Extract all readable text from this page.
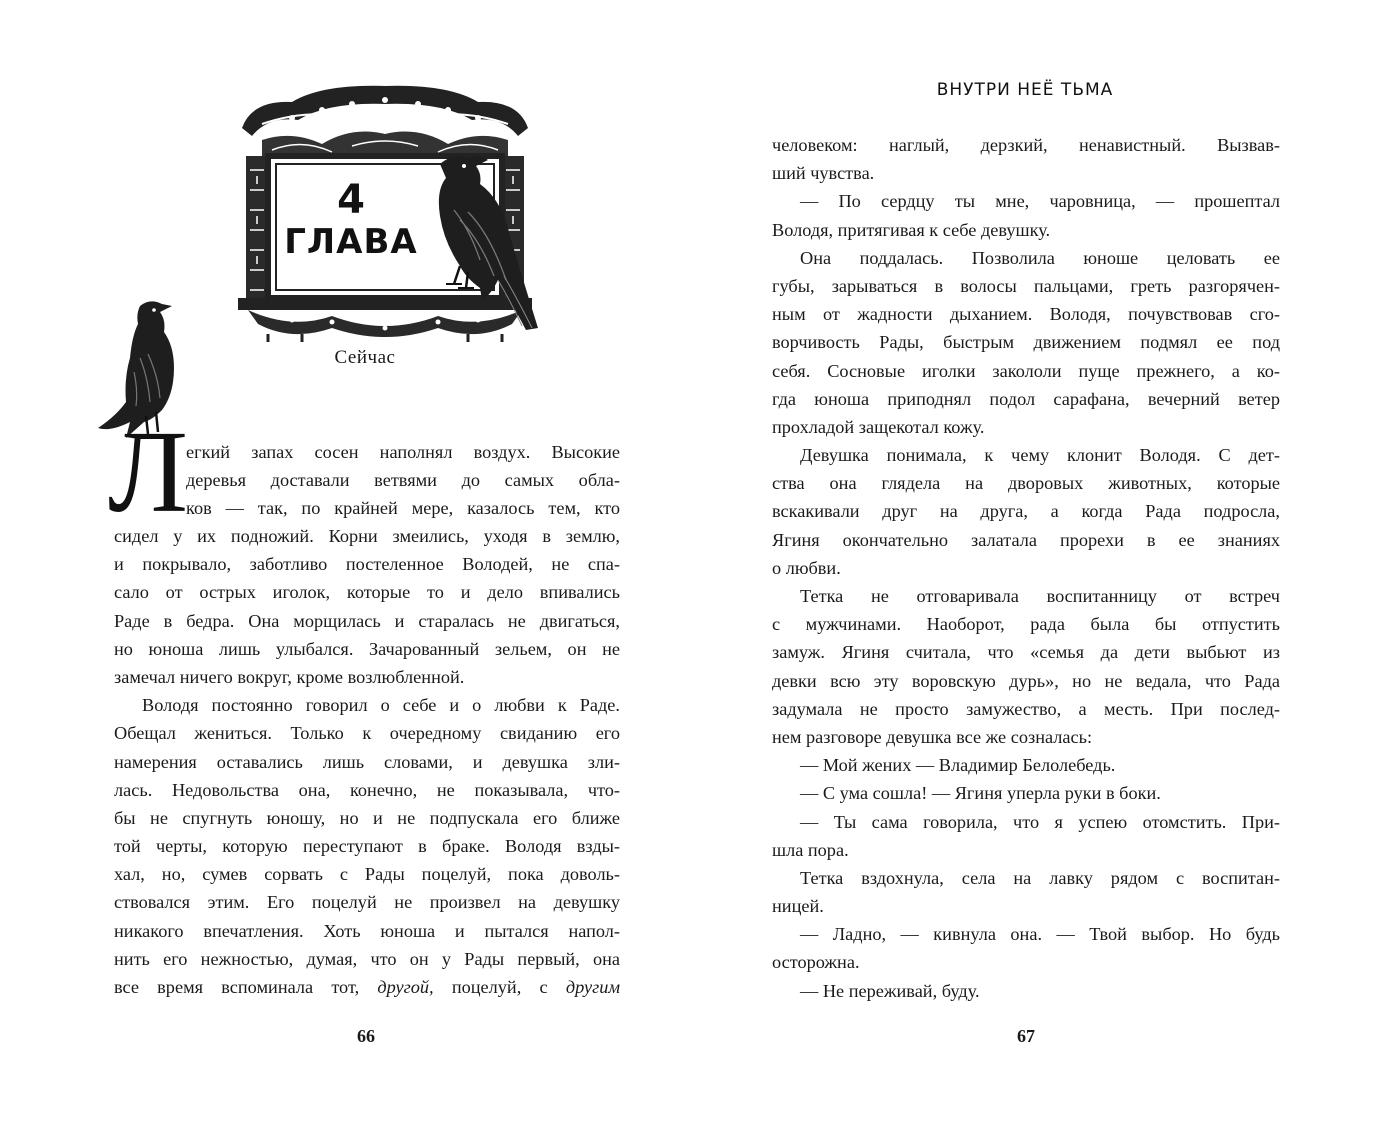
4
ГЛАВА
Сейчас
Л
егкий запах сосен наполнял воздух. Высокие
деревья доставали ветвями до самых обла-
ков — так, по крайней мере, казалось тем, кто
сидел у их подножий. Корни змеились, уходя в землю,
и покрывало, заботливо постеленное Володей, не спа-
сало от острых иголок, которые то и дело впивались
Раде в бедра. Она морщилась и старалась не двигаться,
но юноша лишь улыбался. Зачарованный зельем, он не
замечал ничего вокруг, кроме возлюбленной.
Володя постоянно говорил о себе и о любви к Раде.
Обещал жениться. Только к очередному свиданию его
намерения оставались лишь словами, и девушка зли-
лась. Недовольства она, конечно, не показывала, что-
бы не спугнуть юношу, но и не подпускала его ближе
той черты, которую переступают в браке. Володя взды-
хал, но, сумев сорвать с Рады поцелуй, пока доволь-
ствовался этим. Его поцелуй не произвел на девушку
никакого впечатления. Хоть юноша и пытался напол-
нить его нежностью, думая, что он у Рады первый, она
все время вспоминала тот, другой, поцелуй, с другим
66
ВНУТРИ НЕЁ ТЬМА
человеком: наглый, дерзкий, ненавистный. Вызвав-
ший чувства.
— По сердцу ты мне, чаровница, — прошептал
Володя, притягивая к себе девушку.
Она поддалась. Позволила юноше целовать ее
губы, зарываться в волосы пальцами, греть разгорячен-
ным от жадности дыханием. Володя, почувствовав сго-
ворчивость Рады, быстрым движением подмял ее под
себя. Сосновые иголки закололи пуще прежнего, а ко-
гда юноша приподнял подол сарафана, вечерний ветер
прохладой защекотал кожу.
Девушка понимала, к чему клонит Володя. С дет-
ства она глядела на дворовых животных, которые
вскакивали друг на друга, а когда Рада подросла,
Ягиня окончательно залатала прорехи в ее знаниях
о любви.
Тетка не отговаривала воспитанницу от встреч
с мужчинами. Наоборот, рада была бы отпустить
замуж. Ягиня считала, что «семья да дети выбьют из
девки всю эту воровскую дурь», но не ведала, что Рада
задумала не просто замужество, а месть. При послед-
нем разговоре девушка все же созналась:
— Мой жених — Владимир Белолебедь.
— С ума сошла! — Ягиня уперла руки в боки.
— Ты сама говорила, что я успею отомстить. При-
шла пора.
Тетка вздохнула, села на лавку рядом с воспитан-
ницей.
— Ладно, — кивнула она. — Твой выбор. Но будь
осторожна.
— Не переживай, буду.
67
